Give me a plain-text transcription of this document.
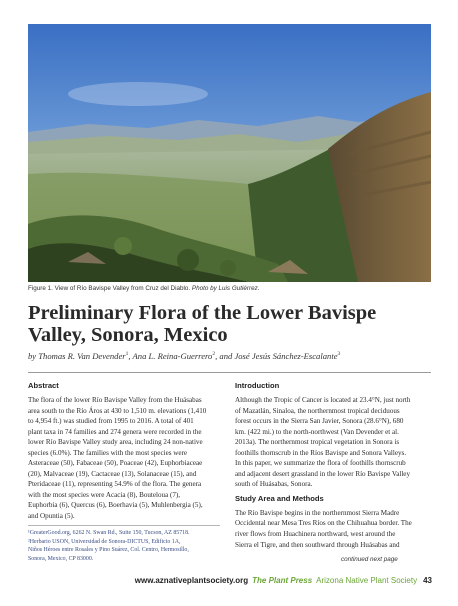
Figure 1. View of Río Bavispe Valley from Cruz del Diablo. Photo by Luis Gutiérrez.
Preliminary Flora of the Lower Bavispe Valley, Sonora, Mexico
by Thomas R. Van Devender$^1$, Ana L. Reina-Guerrero$^2$, and José Jesús Sánchez-Escalante$^3$
Abstract
The flora of the lower Río Bavispe Valley from the Huásabas
area south to the Río Áros at 430 to 1,510 m. elevations (1,410
to 4,954 ft.) was studied from 1995 to 2016. A total of 401
plant taxa in 74 families and 274 genera were recorded in the
lower Río Bavispe Valley study area, including 24 non-native
species (6.0%). The families with the most species were
Asteraceae (50), Fabaceae (50), Poaceae (42), Euphorbiaceae
(20), Malvaceae (19), Cactaceae (13), Solanaceae (15), and
Pteridaceae (11), representing 54.9% of the flora. The genera
with the most species were Acacia (8), Bouteloua (7),
Euphorbia (6), Quercus (6), Boerhavia (5), Muhlenbergia (5),
and Opuntia (5).
Introduction
Although the Tropic of Cancer is located at 23.4°N, just north
of Mazatlán, Sinaloa, the northernmost tropical deciduous
forest occurs in the Sierra San Javier, Sonora (28.6°N), 680
km. (422 mi.) to the north-northwest (Van Devender et al.
2013a). The northernmost tropical vegetation in Sonora is
foothills thornscrub in the Ríos Bavispe and Sonora Valleys.
In this paper, we summarize the flora of foothills thornscrub
and adjacent desert grassland in the lower Río Bavispe Valley
south of Huásabas, Sonora.
Study Area and Methods
The Río Bavispe begins in the northernmost Sierra Madre
Occidental near Mesa Tres Ríos on the Chihuahua border. The
river flows from Huachinera northward, west around the
Sierra el Tigre, and then southward through Huásabas and
¹GreaterGood.org, 6262 N. Swan Rd., Suite 150, Tucson, AZ 85718.
²Herbario USON, Universidad de Sonora-DICTUS, Edificio 1A,
Niños Héroes entre Rosales y Pino Suárez, Col. Centro, Hermosillo,
Sonora, Mexico, CP 83000.	continued next page
www.aznativeplantsociety.org The Plant Press Arizona Native Plant Society 43
